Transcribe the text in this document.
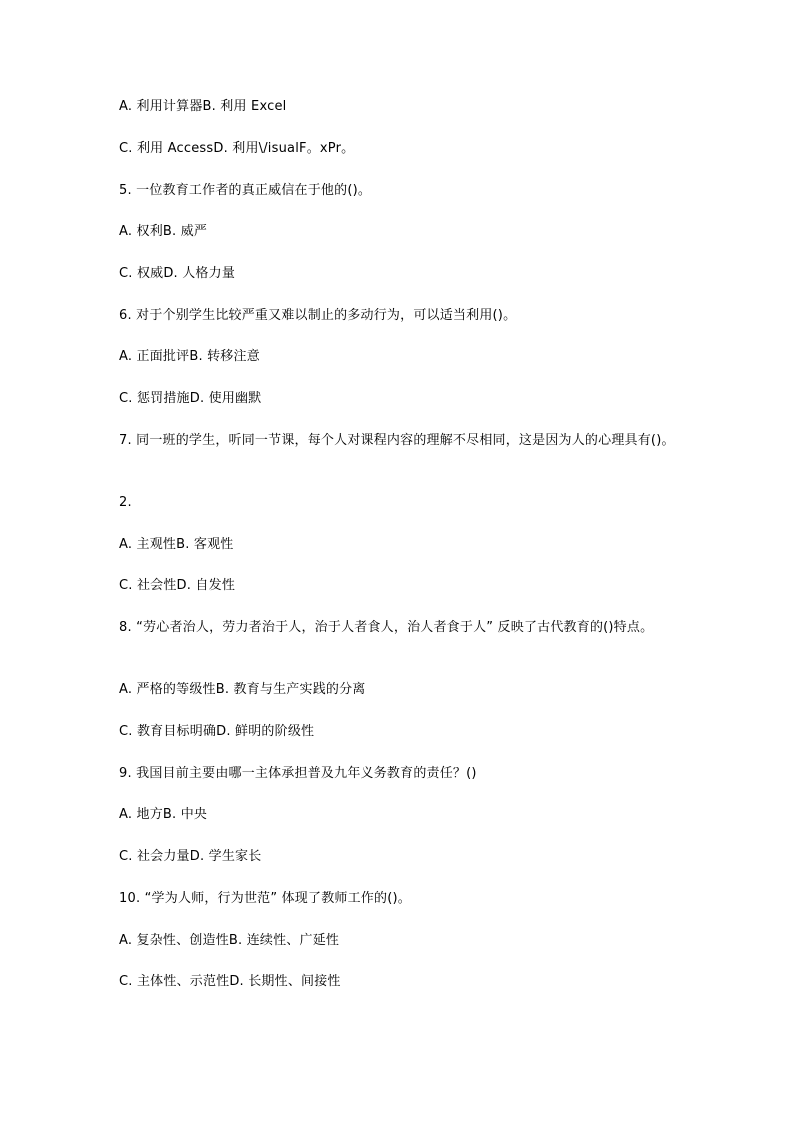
A. 利用计算器B. 利用 Excel
C. 利用 AccessD. 利用\/isualF。xPr。
5. 一位教育工作者的真正威信在于他的()。
A. 权利B. 威严
C. 权威D. 人格力量
6. 对于个别学生比较严重又难以制止的多动行为，可以适当利用()。
A. 正面批评B. 转移注意
C. 惩罚措施D. 使用幽默
7. 同一班的学生，听同一节课，每个人对课程内容的理解不尽相同，这是因为人的心理具有()。
2.
A. 主观性B. 客观性
C. 社会性D. 自发性
8. “劳心者治人，劳力者治于人，治于人者食人，治人者食于人” 反映了古代教育的()特点。
A. 严格的等级性B. 教育与生产实践的分离
C. 教育目标明确D. 鲜明的阶级性
9. 我国目前主要由哪一主体承担普及九年义务教育的责任？()
A. 地方B. 中央
C. 社会力量D. 学生家长
10. “学为人师，行为世范” 体现了教师工作的()。
A. 复杂性、创造性B. 连续性、广延性
C. 主体性、示范性D. 长期性、间接性
